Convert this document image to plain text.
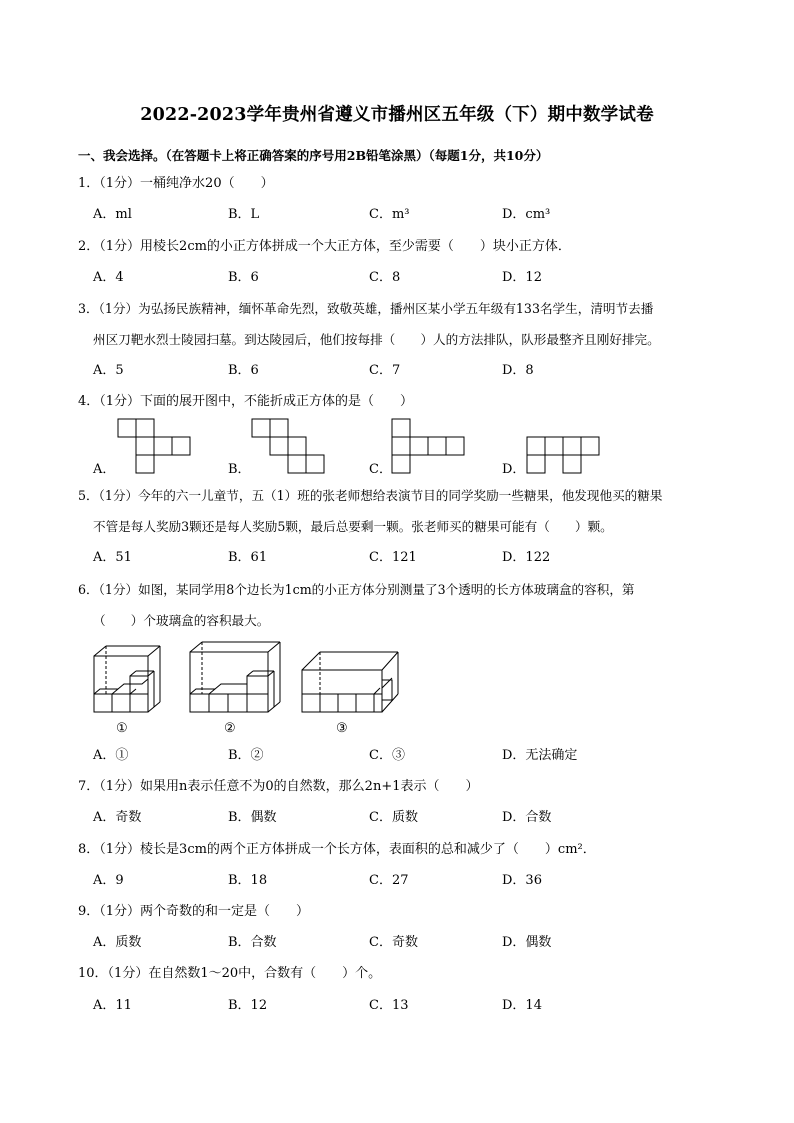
2022-2023学年贵州省遵义市播州区五年级（下）期中数学试卷
一、我会选择。（在答题卡上将正确答案的序号用2B铅笔涂黑）（每题1分，共10分）
1．（1分）一桶纯净水20（　　）
A．ml	B．L	C．m³	D．cm³
2．（1分）用棱长2cm的小正方体拼成一个大正方体，至少需要（　　）块小正方体．
A．4	B．6	C．8	D．12
3．（1分）为弘扬民族精神，缅怀革命先烈，致敬英雄，播州区某小学五年级有133名学生，清明节去播
州区刀靶水烈士陵园扫墓。到达陵园后，他们按每排（　　）人的方法排队，队形最整齐且刚好排完。
A．5	B．6	C．7	D．8
4．（1分）下面的展开图中，不能折成正方体的是（　　）
A．	B．	C．	D．
5．（1分）今年的六一儿童节，五（1）班的张老师想给表演节目的同学奖励一些糖果，他发现他买的糖果
不管是每人奖励3颗还是每人奖励5颗，最后总要剩一颗。张老师买的糖果可能有（　　）颗。
A．51	B．61	C．121	D．122
6．（1分）如图，某同学用8个边长为1cm的小正方体分别测量了3个透明的长方体玻璃盒的容积，第
（　　）个玻璃盒的容积最大。
①	②	③
A．①	B．②	C．③	D．无法确定
7．（1分）如果用n表示任意不为0的自然数，那么2n+1表示（　　）
A．奇数	B．偶数	C．质数	D．合数
8．（1分）棱长是3cm的两个正方体拼成一个长方体，表面积的总和减少了（　　）cm²．
A．9	B．18	C．27	D．36
9．（1分）两个奇数的和一定是（　　）
A．质数	B．合数	C．奇数	D．偶数
10．（1分）在自然数1～20中，合数有（　　）个。
A．11	B．12	C．13	D．14
